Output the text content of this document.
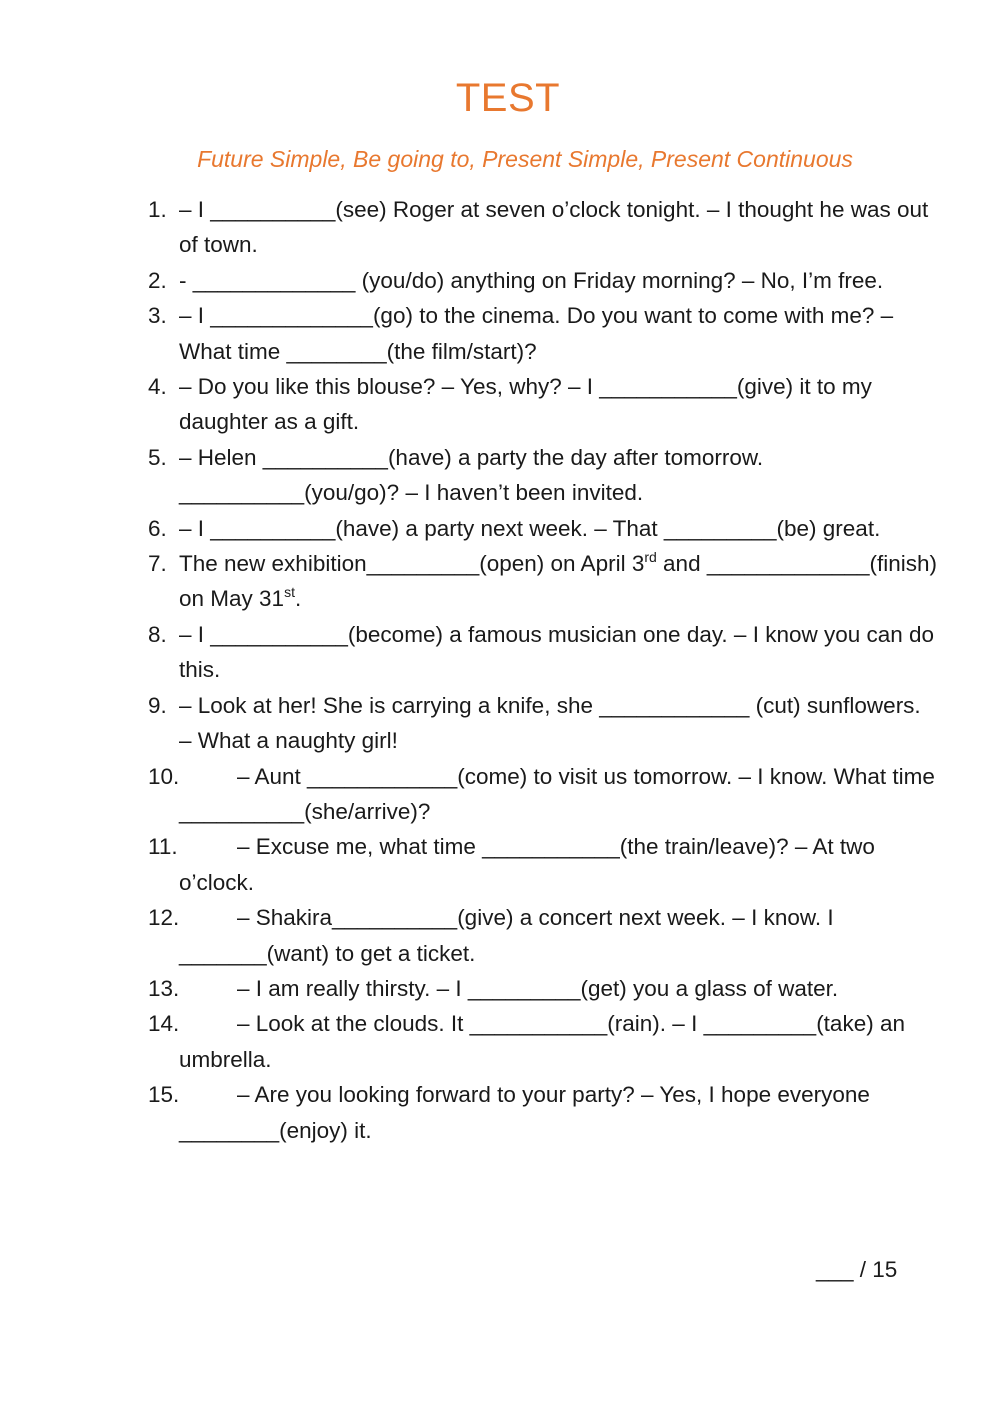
TEST
Future Simple, Be going to, Present Simple, Present Continuous
1. – I __________(see) Roger at seven o’clock tonight. – I thought he was out of town.
2. - _____________ (you/do) anything on Friday morning? – No, I’m free.
3. – I _____________(go) to the cinema. Do you want to come with me? – What time ________(the film/start)?
4. – Do you like this blouse? – Yes, why? – I ___________(give) it to my daughter as a gift.
5. – Helen __________(have) a party the day after tomorrow. __________(you/go)? – I haven’t been invited.
6. – I __________(have) a party next week. – That _________(be) great.
7. The new exhibition_________(open) on April 3rd and _____________(finish) on May 31st.
8. – I ___________(become) a famous musician one day. – I know you can do this.
9. – Look at her! She is carrying a knife, she ____________ (cut) sunflowers. – What a naughty girl!
10.	– Aunt ____________(come) to visit us tomorrow. – I know. What time __________(she/arrive)?
11.	– Excuse me, what time ___________(the train/leave)? – At two o’clock.
12.	– Shakira__________(give) a concert next week. – I know. I _______(want) to get a ticket.
13.	– I am really thirsty. – I _________(get) you a glass of water.
14.	– Look at the clouds. It ___________(rain). – I _________(take) an umbrella.
15.	– Are you looking forward to your party? – Yes, I hope everyone ________(enjoy) it.
___ / 15
